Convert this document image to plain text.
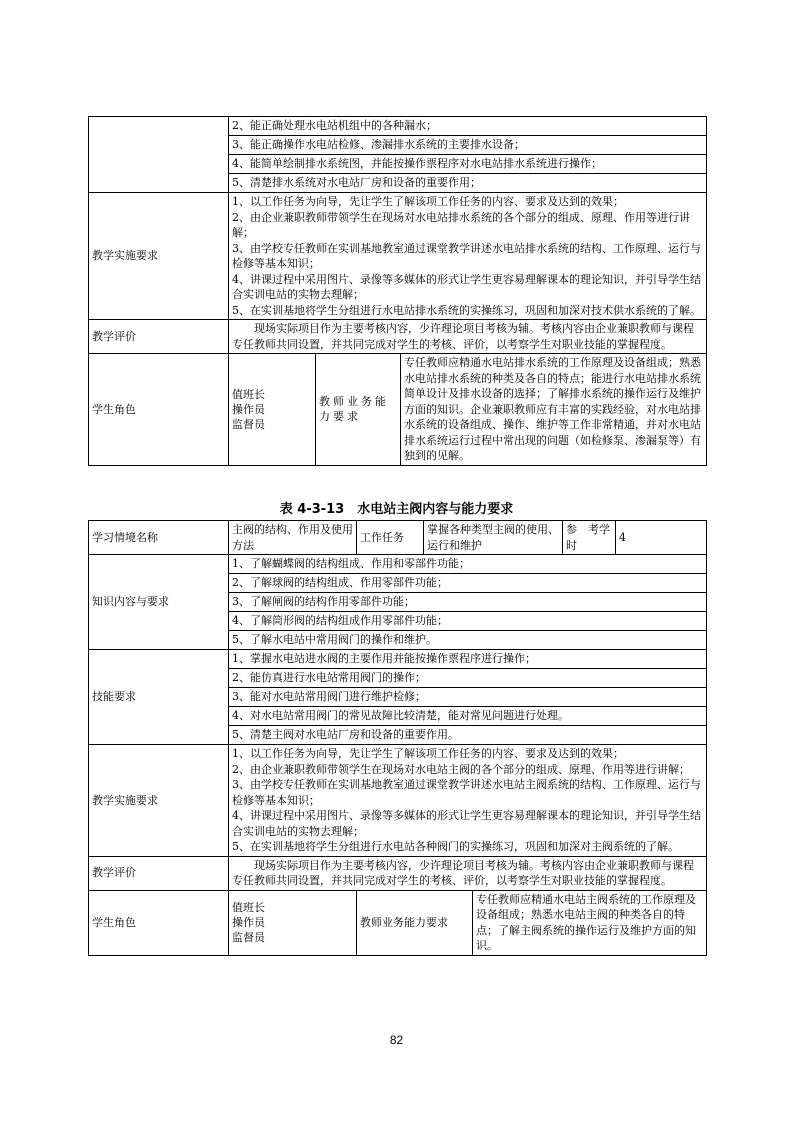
	2、能正确处理水电站机组中的各种漏水；		
	3、能正确操作水电站检修、渗漏排水系统的主要排水设备；		
	4、能简单绘制排水系统图，并能按操作票程序对水电站排水系统进行操作；		
	5、清楚排水系统对水电站厂房和设备的重要作用；		
教学实施要求	1、以工作任务为向导，先让学生了解该项工作任务的内容、要求及达到的效果；

2、由企业兼职教师带领学生在现场对水电站排水系统的各个部分的组成、原理、作用等进行讲解；

3、由学校专任教师在实训基地教室通过课堂教学讲述水电站排水系统的结构、工作原理、运行与检修等基本知识；

4、讲课过程中采用图片、录像等多媒体的形式让学生更容易理解课本的理论知识，并引导学生结合实训电站的实物去理解；

5、在实训基地将学生分组进行水电站排水系统的实操练习，巩固和加深对技术供水系统的了解。		

教学评价	现场实际项目作为主要考核内容，少许理论项目考核为辅。考核内容由企业兼职教师与课程专任教师共同设置，并共同完成对学生的考核、评价，以考察学生对职业技能的掌握程度。		
学生角色	值班长
操作员
监督员	教师业务能力要求	专任教师应精通水电站排水系统的工作原理及设备组成；熟悉水电站排水系统的种类及各自的特点；能进行水电站排水系统简单设计及排水设备的选择；了解排水系统的操作运行及维护方面的知识。企业兼职教师应有丰富的实践经验，对水电站排水系统的设备组成、操作、维护等工作非常精通，并对水电站排水系统运行过程中常出现的问题（如检修泵、渗漏泵等）有独到的见解。
表 4-3-13　水电站主阀内容与能力要求
学习情境名称	主阀的结构、作用及使用方法	工作任务	掌握各种类型主阀的使用、运行和维护		参　考学时	4
知识内容与要求	1、了解蝴蝶阀的结构组成、作用和零部件功能；					
	2、了解球阀的结构组成、作用零部件功能；					
	3、了解闸阀的结构作用零部件功能；					
	4、了解筒形阀的结构组成作用零部件功能；					
	5、了解水电站中常用阀门的操作和维护。					
技能要求	1、掌握水电站进水阀的主要作用并能按操作票程序进行操作；					
	2、能仿真进行水电站常用阀门的操作；					
	3、能对水电站常用阀门进行维护检修；					
	4、对水电站常用阀门的常见故障比较清楚，能对常见问题进行处理。					
	5、清楚主阀对水电站厂房和设备的重要作用。					
教学实施要求	1、以工作任务为向导，先让学生了解该项工作任务的内容、要求及达到的效果；

2、由企业兼职教师带领学生在现场对水电站主阀的各个部分的组成、原理、作用等进行讲解；

3、由学校专任教师在实训基地教室通过课堂教学讲述水电站主阀系统的结构、工作原理、运行与检修等基本知识；

4、讲课过程中采用图片、录像等多媒体的形式让学生更容易理解课本的理论知识，并引导学生结合实训电站的实物去理解；

5、在实训基地将学生分组进行水电站各种阀门的实操练习，巩固和加深对主阀系统的了解。					

教学评价	现场实际项目作为主要考核内容，少许理论项目考核为辅。考核内容由企业兼职教师与课程专任教师共同设置，并共同完成对学生的考核、评价，以考察学生对职业技能的掌握程度。					
学生角色	值班长
操作员
监督员	教师业务能力要求		专任教师应精通水电站主阀系统的工作原理及设备组成；熟悉水电站主阀的种类各自的特点；了解主阀系统的操作运行及维护方面的知识。		
82
